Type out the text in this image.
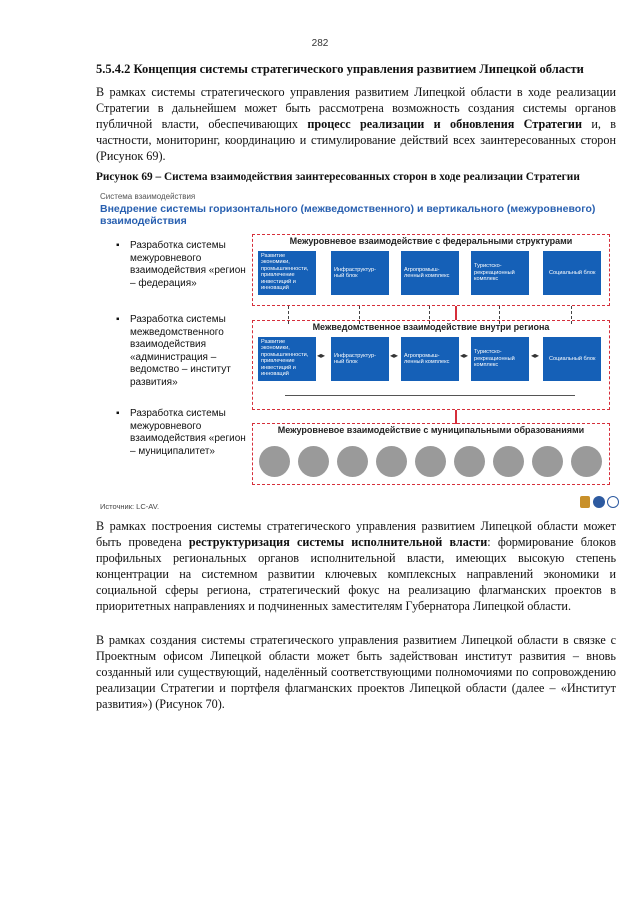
282
5.5.4.2 Концепция системы стратегического управления развитием Липецкой области
В рамках системы стратегического управления развитием Липецкой области в ходе реализации Стратегии в дальнейшем может быть рассмотрена возможность создания системы органов публичной власти, обеспечивающих процесс реализации и обновления Стратегии и, в частности, мониторинг, координацию и стимулирование действий всех заинтересованных сторон (Рисунок 69).
Рисунок 69 – Система взаимодействия заинтересованных сторон в ходе реализации Стратегии
Система взаимодействия
Внедрение системы горизонтального (межведомственного) и вертикального (межуровневого) взаимодействия
▪	Разработка системы межуровневого взаимодействия «регион – федерация»
▪	Разработка системы межведомственного взаимодействия «администрация – ведомство – институт развития»
▪	Разработка системы межуровневого взаимодействия «регион – муниципалитет»
Межуровневое взаимодействие с федеральными структурами
Развитие экономики, промышленности, привлечение инвестиций и инноваций
Инфраструктур-ный блок
Агропромыш-ленный комплекс
Туристско-рекреационный комплекс
Социальный блок
Межведомственное взаимодействие внутри региона
Развитие экономики, промышленности, привлечение инвестиций и инноваций
◂▸	Инфраструктур-ный блок
◂▸	Агропромыш-ленный комплекс
◂▸	Туристско-рекреационный комплекс
◂▸	Социальный блок
Межуровневое взаимодействие с муниципальными образованиями
Источник: LC-AV.
В рамках построения системы стратегического управления развитием Липецкой области может быть проведена реструктуризация системы исполнительной власти: формирование блоков профильных региональных органов исполнительной власти, имеющих высокую степень концентрации на системном развитии ключевых комплексных направлений экономики и социальной сферы региона, стратегический фокус на реализацию флагманских проектов в приоритетных направлениях и подчиненных заместителям Губернатора Липецкой области.
В рамках создания системы стратегического управления развитием Липецкой области в связке с Проектным офисом Липецкой области может быть задействован институт развития – вновь созданный или существующий, наделённый соответствующими полномочиями по сопровождению реализации Стратегии и портфеля флагманских проектов Липецкой области (далее – «Институт развития») (Рисунок 70).
